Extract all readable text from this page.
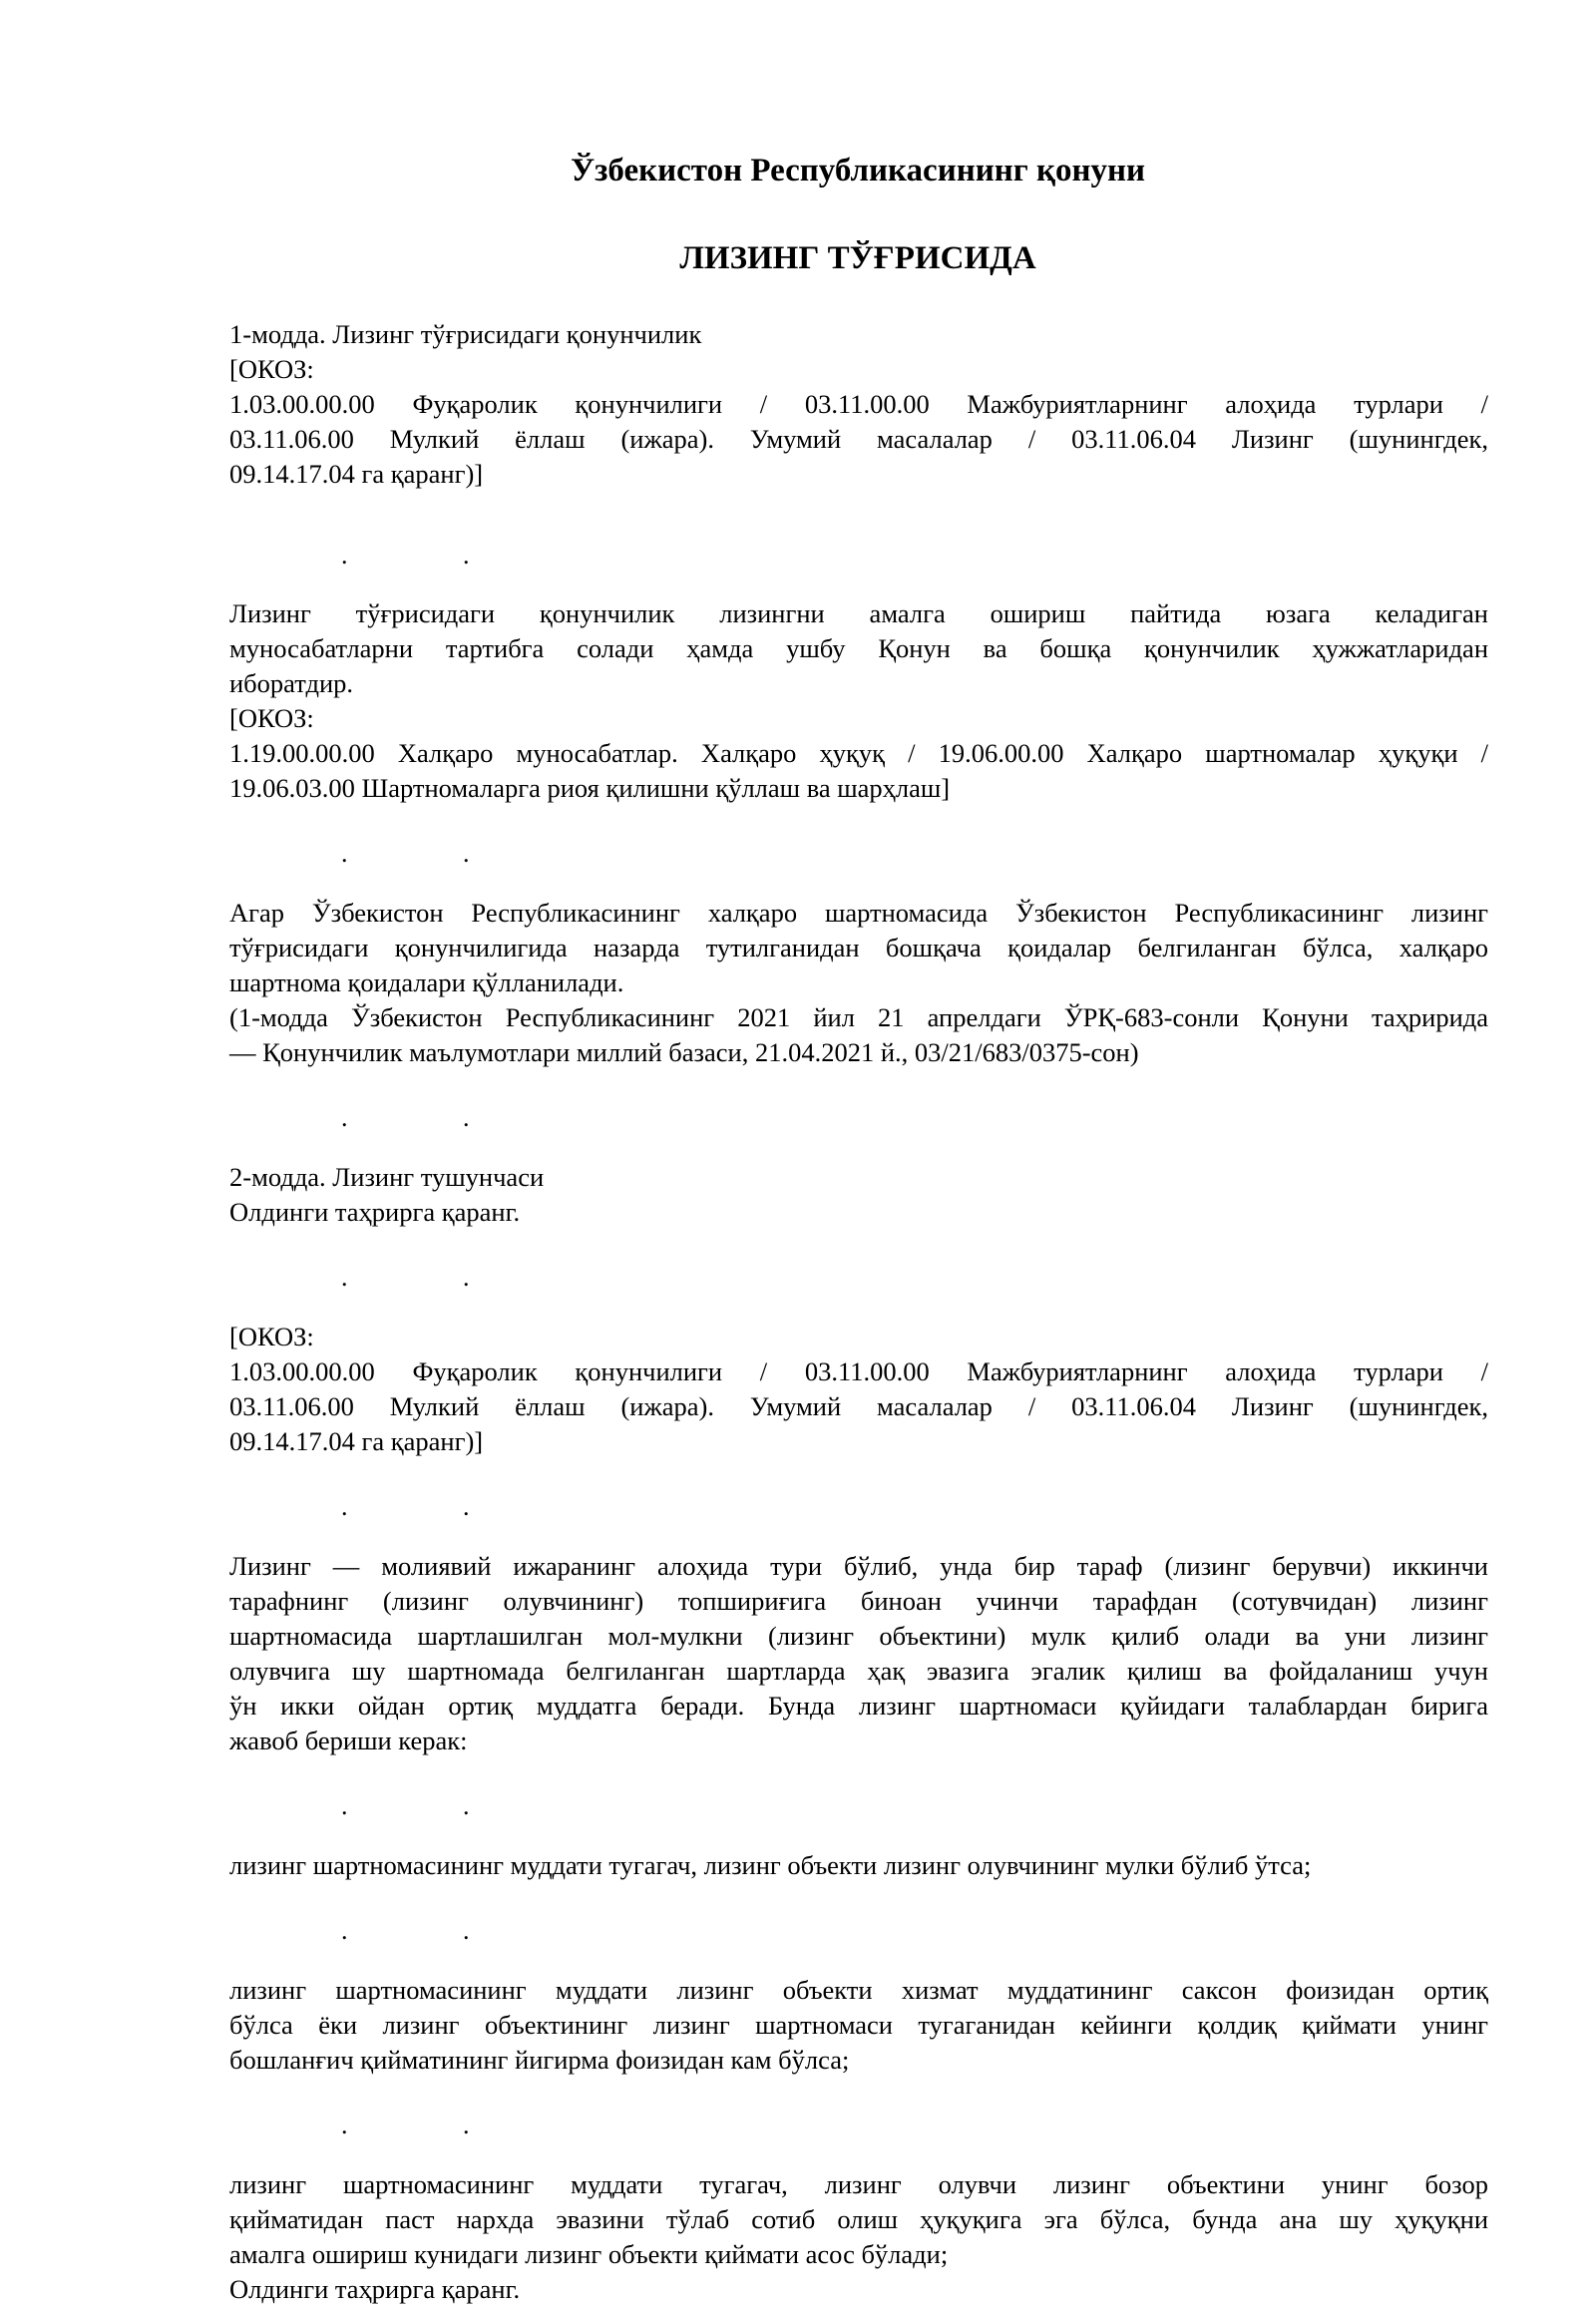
Ўзбекистон Республикасининг қонуни
ЛИЗИНГ ТЎҒРИСИДА
1-модда. Лизинг тўғрисидаги қонунчилик
[ОКОЗ:
1.03.00.00.00 Фуқаролик қонунчилиги / 03.11.00.00 Мажбуриятларнинг алоҳида турлари /
03.11.06.00 Мулкий ёллаш (ижара). Умумий масалалар / 03.11.06.04 Лизинг (шунингдек,
09.14.17.04 га қаранг)]
.	.
Лизинг тўғрисидаги қонунчилик лизингни амалга ошириш пайтида юзага келадиган
муносабатларни тартибга солади ҳамда ушбу Қонун ва бошқа қонунчилик ҳужжатларидан
иборатдир.
[ОКОЗ:
1.19.00.00.00 Халқаро муносабатлар. Халқаро ҳуқуқ / 19.06.00.00 Халқаро шартномалар ҳуқуқи /
19.06.03.00 Шартномаларга риоя қилишни қўллаш ва шарҳлаш]
.	.
Агар Ўзбекистон Республикасининг халқаро шартномасида Ўзбекистон Республикасининг лизинг
тўғрисидаги қонунчилигида назарда тутилганидан бошқача қоидалар белгиланган бўлса, халқаро
шартнома қоидалари қўлланилади.
(1-модда Ўзбекистон Республикасининг 2021 йил 21 апрелдаги ЎРҚ-683-сонли Қонуни таҳририда
— Қонунчилик маълумотлари миллий базаси, 21.04.2021 й., 03/21/683/0375-сон)
.	.
2-модда. Лизинг тушунчаси
Олдинги таҳрирга қаранг.
.	.
[ОКОЗ:
1.03.00.00.00 Фуқаролик қонунчилиги / 03.11.00.00 Мажбуриятларнинг алоҳида турлари /
03.11.06.00 Мулкий ёллаш (ижара). Умумий масалалар / 03.11.06.04 Лизинг (шунингдек,
09.14.17.04 га қаранг)]
.	.
Лизинг — молиявий ижаранинг алоҳида тури бўлиб, унда бир тараф (лизинг берувчи) иккинчи
тарафнинг (лизинг олувчининг) топшириғига биноан учинчи тарафдан (сотувчидан) лизинг
шартномасида шартлашилган мол-мулкни (лизинг объектини) мулк қилиб олади ва уни лизинг
олувчига шу шартномада белгиланган шартларда ҳақ эвазига эгалик қилиш ва фойдаланиш учун
ўн икки ойдан ортиқ муддатга беради. Бунда лизинг шартномаси қуйидаги талаблардан бирига
жавоб бериши керак:
.	.
лизинг шартномасининг муддати тугагач, лизинг объекти лизинг олувчининг мулки бўлиб ўтса;
.	.
лизинг шартномасининг муддати лизинг объекти хизмат муддатининг саксон фоизидан ортиқ
бўлса ёки лизинг объектининг лизинг шартномаси тугаганидан кейинги қолдиқ қиймати унинг
бошланғич қийматининг йигирма фоизидан кам бўлса;
.	.
лизинг шартномасининг муддати тугагач, лизинг олувчи лизинг объектини унинг бозор
қийматидан паст нархда эвазини тўлаб сотиб олиш ҳуқуқига эга бўлса, бунда ана шу ҳуқуқни
амалга ошириш кунидаги лизинг объекти қиймати асос бўлади;
Олдинги таҳрирга қаранг.
